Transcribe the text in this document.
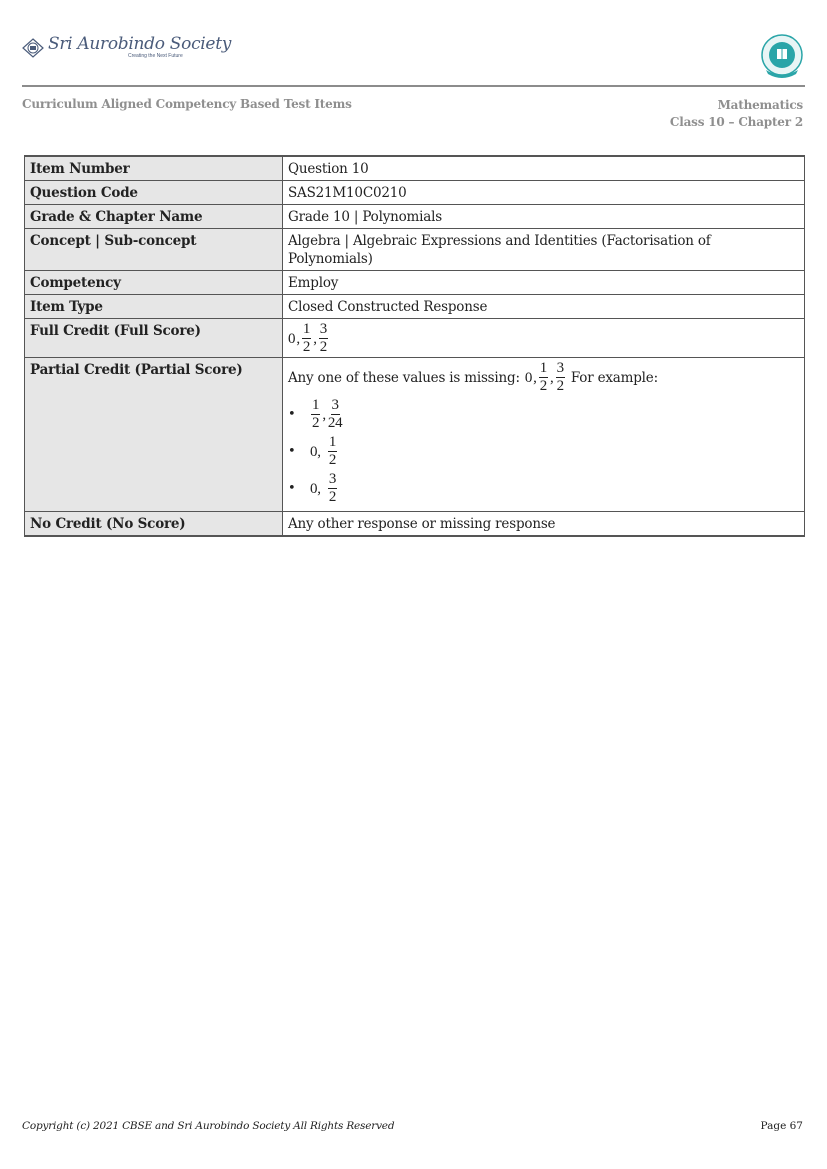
Sri Aurobindo Society
Creating the Next Future
Curriculum Aligned Competency Based Test Items	Mathematics
Class 10 – Chapter 2
Item Number	Question 10
Question Code	SAS21M10C0210
Grade & Chapter Name	Grade 10 | Polynomials
Concept | Sub-concept	Algebra | Algebraic Expressions and Identities (Factorisation of Polynomials)
Competency	Employ
Item Type	Closed Constructed Response
Full Credit (Full Score)	0 , $\frac{1}{2}$ , $\frac{3}{2}$

Partial Credit (Partial Score)	Any one of these values is missing: 0 , $\frac{1}{2}$ , $\frac{3}{2}$ For example:
•	$\frac{1}{2}$ , $\frac{3}{24}$
• 0, $\frac{1}{2}$
• 0, $\frac{3}{2}$

No Credit (No Score)	Any other response or missing response
Copyright (c) 2021 CBSE and Sri Aurobindo Society All Rights Reserved	Page 67
